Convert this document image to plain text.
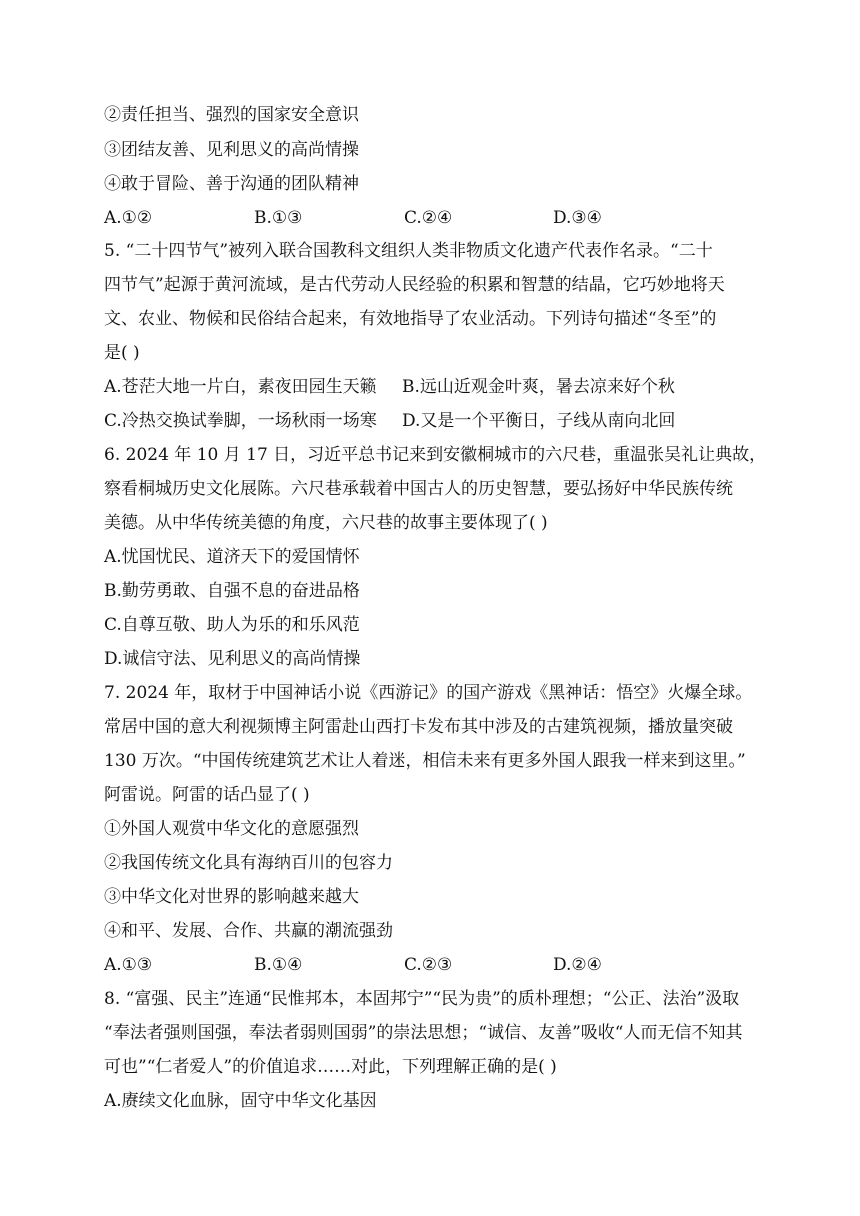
②责任担当、强烈的国家安全意识
③团结友善、见利思义的高尚情操
④敢于冒险、善于沟通的团队精神
A.①②	B.①③	C.②④	D.③④
5. “二十四节气”被列入联合国教科文组织人类非物质文化遗产代表作名录。“二十
四节气”起源于黄河流域，是古代劳动人民经验的积累和智慧的结晶，它巧妙地将天
文、农业、物候和民俗结合起来，有效地指导了农业活动。下列诗句描述“冬至”的
是( )
A.苍茫大地一片白，素夜田园生天籁 B.远山近观金叶爽，暑去凉来好个秋
C.冷热交换试拳脚，一场秋雨一场寒 D.又是一个平衡日，子线从南向北回
6. 2024 年 10 月 17 日，习近平总书记来到安徽桐城市的六尺巷，重温张吴礼让典故，
察看桐城历史文化展陈。六尺巷承载着中国古人的历史智慧，要弘扬好中华民族传统
美德。从中华传统美德的角度，六尺巷的故事主要体现了( )
A.忧国忧民、道济天下的爱国情怀
B.勤劳勇敢、自强不息的奋进品格
C.自尊互敬、助人为乐的和乐风范
D.诚信守法、见利思义的高尚情操
7. 2024 年，取材于中国神话小说《西游记》的国产游戏《黑神话：悟空》火爆全球。
常居中国的意大利视频博主阿雷赴山西打卡发布其中涉及的古建筑视频，播放量突破
130 万次。“中国传统建筑艺术让人着迷，相信未来有更多外国人跟我一样来到这里。”
阿雷说。阿雷的话凸显了( )
①外国人观赏中华文化的意愿强烈
②我国传统文化具有海纳百川的包容力
③中华文化对世界的影响越来越大
④和平、发展、合作、共赢的潮流强劲
A.①③	B.①④	C.②③	D.②④
8. “富强、民主”连通“民惟邦本，本固邦宁”“民为贵”的质朴理想；“公正、法治”汲取
“奉法者强则国强，奉法者弱则国弱”的崇法思想；“诚信、友善”吸收“人而无信不知其
可也”“仁者爱人”的价值追求……对此，下列理解正确的是( )
A.赓续文化血脉，固守中华文化基因
